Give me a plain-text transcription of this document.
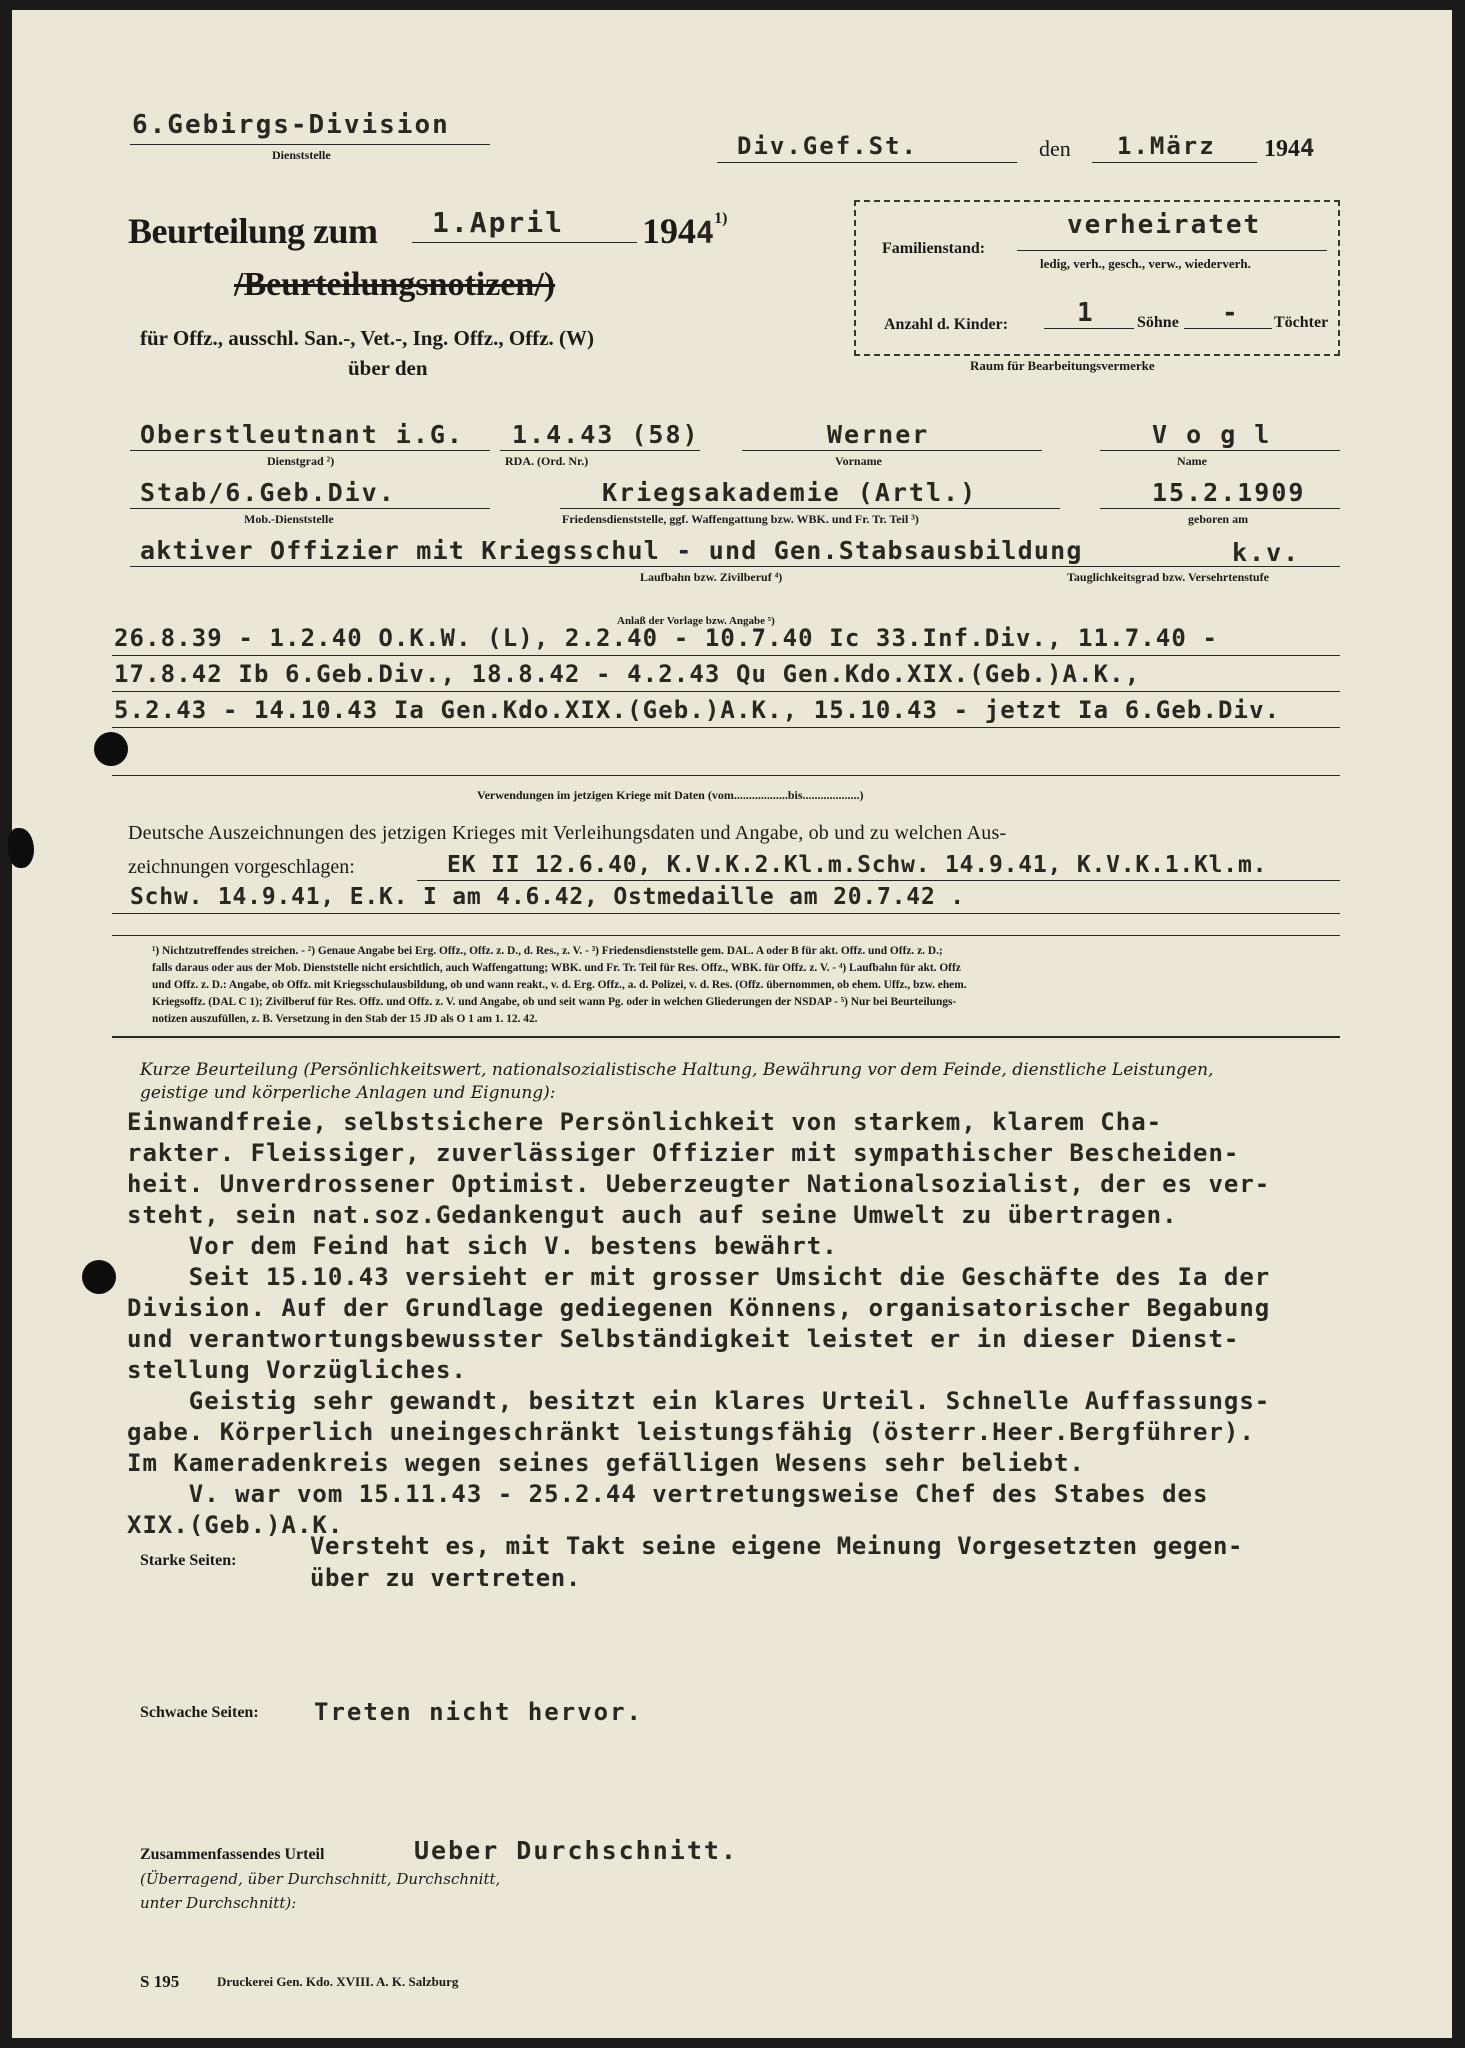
6.Gebirgs-Division
Dienststelle	Div.Gef.St.	den 1.März 1944
Beurteilung zum 1.April 1944$^{1)}$
/Beurteilungsnotizen/)
für Offz., ausschl. San.-, Vet.-, Ing. Offz., Offz. (W)
über den
verheiratet
Familienstand:
ledig, verh., gesch., verw., wiederverh.
Anzahl d. Kinder:	1	Söhne - Töchter
Raum für Bearbeitungsvermerke
Oberstleutnant i.G.
Dienstgrad ²)
1.4.43 (58)
RDA. (Ord. Nr.)
Werner
Vorname
V o g l
Name
Stab/6.Geb.Div.
Mob.-Dienststelle
Kriegsakademie (Artl.)
Friedensdienststelle, ggf. Waffengattung bzw. WBK. und Fr. Tr. Teil ³)
15.2.1909
geboren am
aktiver Offizier mit Kriegsschul - und Gen.Stabsausbildung	k.v.
Laufbahn bzw. Zivilberuf ⁴)	Tauglichkeitsgrad bzw. Versehrtenstufe
Anlaß der Vorlage bzw. Angabe ⁵)
26.8.39 - 1.2.40 O.K.W. (L), 2.2.40 - 10.7.40 Ic 33.Inf.Div., 11.7.40 -
17.8.42 Ib 6.Geb.Div., 18.8.42 - 4.2.43 Qu Gen.Kdo.XIX.(Geb.)A.K.,
5.2.43 - 14.10.43 Ia Gen.Kdo.XIX.(Geb.)A.K., 15.10.43 - jetzt Ia 6.Geb.Div.
Verwendungen im jetzigen Kriege mit Daten (vom..................bis...................)
Deutsche Auszeichnungen des jetzigen Krieges mit Verleihungsdaten und Angabe, ob und zu welchen Aus-
zeichnungen vorgeschlagen:	EK II 12.6.40, K.V.K.2.Kl.m.Schw. 14.9.41, K.V.K.1.Kl.m.
Schw. 14.9.41, E.K. I am 4.6.42, Ostmedaille am 20.7.42 .
¹) Nichtzutreffendes streichen. - ²) Genaue Angabe bei Erg. Offz., Offz. z. D., d. Res., z. V. - ³) Friedensdienststelle gem. DAL. A oder B für akt. Offz. und Offz. z. D.;
falls daraus oder aus der Mob. Dienststelle nicht ersichtlich, auch Waffengattung; WBK. und Fr. Tr. Teil für Res. Offz., WBK. für Offz. z. V. - ⁴) Laufbahn für akt. Offz
und Offz. z. D.: Angabe, ob Offz. mit Kriegsschulausbildung, ob und wann reakt., v. d. Erg. Offz., a. d. Polizei, v. d. Res. (Offz. übernommen, ob ehem. Uffz., bzw. ehem.
Kriegsoffz. (DAL C 1); Zivilberuf für Res. Offz. und Offz. z. V. und Angabe, ob und seit wann Pg. oder in welchen Gliederungen der NSDAP - ⁵) Nur bei Beurteilungs-
notizen auszufüllen, z. B. Versetzung in den Stab der 15 JD als O 1 am 1. 12. 42.
Kurze Beurteilung (Persönlichkeitswert, nationalsozialistische Haltung, Bewährung vor dem Feinde, dienstliche Leistungen,
geistige und körperliche Anlagen und Eignung):
Einwandfreie, selbstsichere Persönlichkeit von starkem, klarem Cha-
rakter. Fleissiger, zuverlässiger Offizier mit sympathischer Bescheiden-
heit. Unverdrossener Optimist. Ueberzeugter Nationalsozialist, der es ver-
steht, sein nat.soz.Gedankengut auch auf seine Umwelt zu übertragen.
Vor dem Feind hat sich V. bestens bewährt.
Seit 15.10.43 versieht er mit grosser Umsicht die Geschäfte des Ia der
Division. Auf der Grundlage gediegenen Könnens, organisatorischer Begabung
und verantwortungsbewusster Selbständigkeit leistet er in dieser Dienst-
stellung Vorzügliches.
Geistig sehr gewandt, besitzt ein klares Urteil. Schnelle Auffassungs-
gabe. Körperlich uneingeschränkt leistungsfähig (österr.Heer.Bergführer).
Im Kameradenkreis wegen seines gefälligen Wesens sehr beliebt.
V. war vom 15.11.43 - 25.2.44 vertretungsweise Chef des Stabes des
XIX.(Geb.)A.K.
Starke Seiten:
Versteht es, mit Takt seine eigene Meinung Vorgesetzten gegen-
über zu vertreten.
Schwache Seiten: Treten nicht hervor.
Zusammenfassendes Urteil	Ueber Durchschnitt.
(Überragend, über Durchschnitt, Durchschnitt,
unter Durchschnitt):
S 195	Druckerei Gen. Kdo. XVIII. A. K. Salzburg
